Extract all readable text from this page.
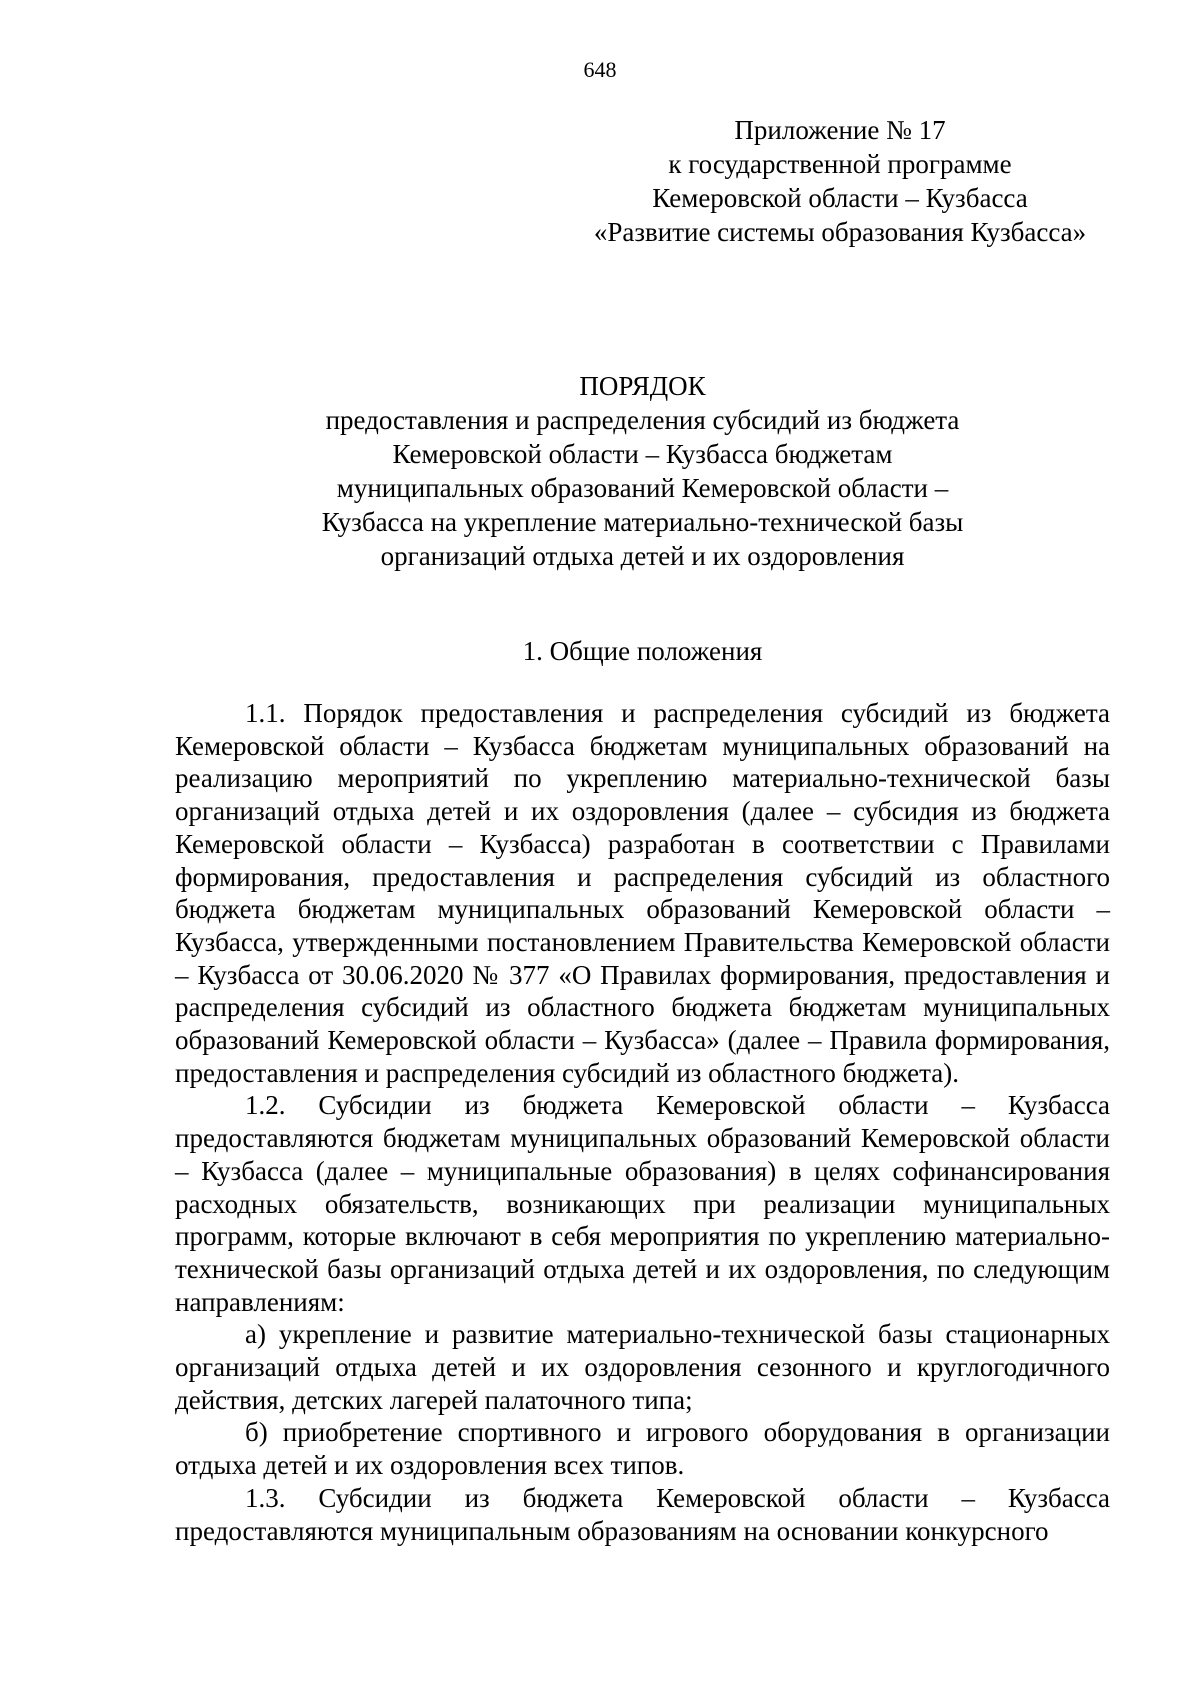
648
Приложение № 17
к государственной программе
Кемеровской области – Кузбасса
«Развитие системы образования Кузбасса»
ПОРЯДОК
предоставления и распределения субсидий из бюджета
Кемеровской области – Кузбасса бюджетам
муниципальных образований Кемеровской области –
Кузбасса на укрепление материально-технической базы
организаций отдыха детей и их оздоровления
1. Общие положения

1.1. Порядок предоставления и распределения субсидий из бюджета Кемеровской области – Кузбасса бюджетам муниципальных образований на реализацию мероприятий по укреплению материально-технической базы организаций отдыха детей и их оздоровления (далее – субсидия из бюджета Кемеровской области – Кузбасса) разработан в соответствии с Правилами формирования, предоставления и распределения субсидий из областного бюджета бюджетам муниципальных образований Кемеровской области – Кузбасса, утвержденными постановлением Правительства Кемеровской области – Кузбасса от 30.06.2020 № 377 «О Правилах формирования, предоставления и распределения субсидий из областного бюджета бюджетам муниципальных образований Кемеровской области – Кузбасса» (далее – Правила формирования, предоставления и распределения субсидий из областного бюджета).

1.2. Субсидии из бюджета Кемеровской области – Кузбасса предоставляются бюджетам муниципальных образований Кемеровской области – Кузбасса (далее – муниципальные образования) в целях софинансирования расходных обязательств, возникающих при реализации муниципальных программ, которые включают в себя мероприятия по укреплению материально-технической базы организаций отдыха детей и их оздоровления, по следующим направлениям:

а) укрепление и развитие материально-технической базы стационарных организаций отдыха детей и их оздоровления сезонного и круглогодичного действия, детских лагерей палаточного типа;

б) приобретение спортивного и игрового оборудования в организации отдыха детей и их оздоровления всех типов.

1.3. Субсидии из бюджета Кемеровской области – Кузбасса предоставляются муниципальным образованиям на основании конкурсного
